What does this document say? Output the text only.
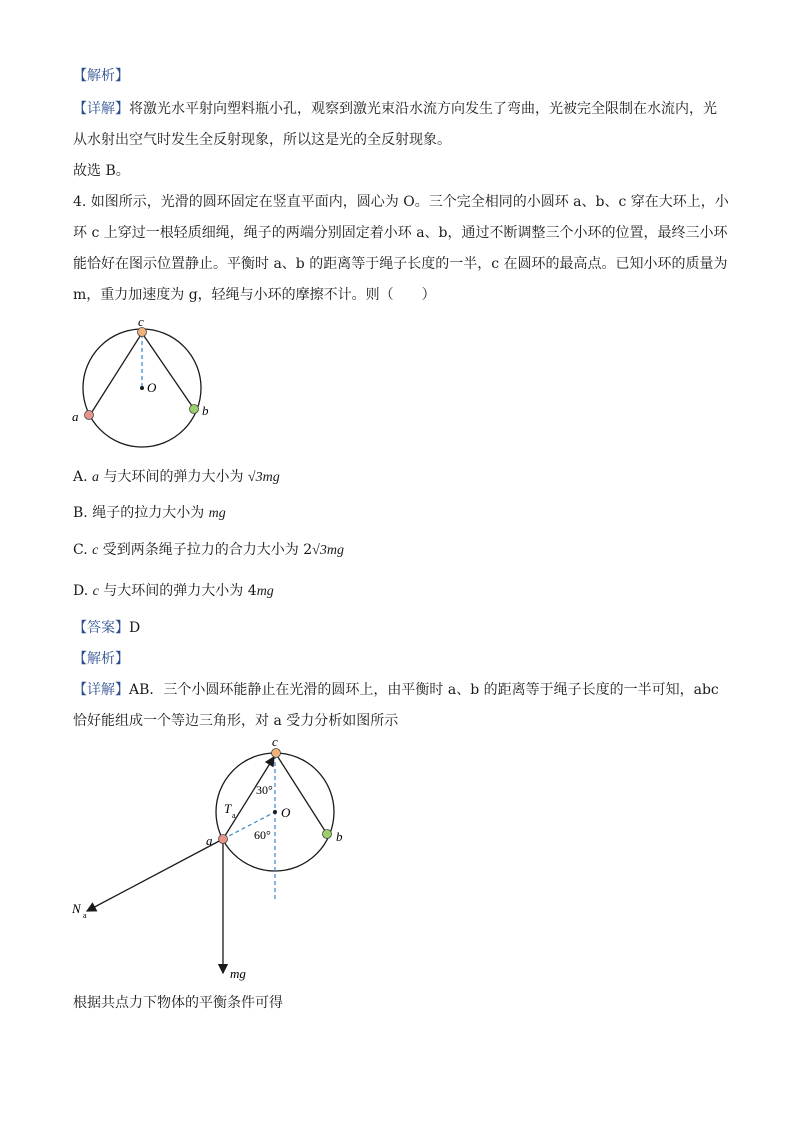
【解析】
【详解】将激光水平射向塑料瓶小孔，观察到激光束沿水流方向发生了弯曲，光被完全限制在水流内，光
从水射出空气时发生全反射现象，所以这是光的全反射现象。
故选 B。
4. 如图所示，光滑的圆环固定在竖直平面内，圆心为 O。三个完全相同的小圆环 a、b、c 穿在大环上，小
环 c 上穿过一根轻质细绳，绳子的两端分别固定着小环 a、b，通过不断调整三个小环的位置，最终三小环
能恰好在图示位置静止。平衡时 a、b 的距离等于绳子长度的一半，c 在圆环的最高点。已知小环的质量为
m，重力加速度为 g，轻绳与小环的摩擦不计。则（　　）
c
O
a	b
A. a 与大环间的弹力大小为 √3mg
B. 绳子的拉力大小为 mg
C. c 受到两条绳子拉力的合力大小为 2√3mg
D. c 与大环间的弹力大小为 4mg
【答案】D
【解析】
【详解】AB．三个小圆环能静止在光滑的圆环上，由平衡时 a、b 的距离等于绳子长度的一半可知，abc
恰好能组成一个等边三角形，对 a 受力分析如图所示
c
O
a	b
T a
30°
60°
N a
mg
根据共点力下物体的平衡条件可得
